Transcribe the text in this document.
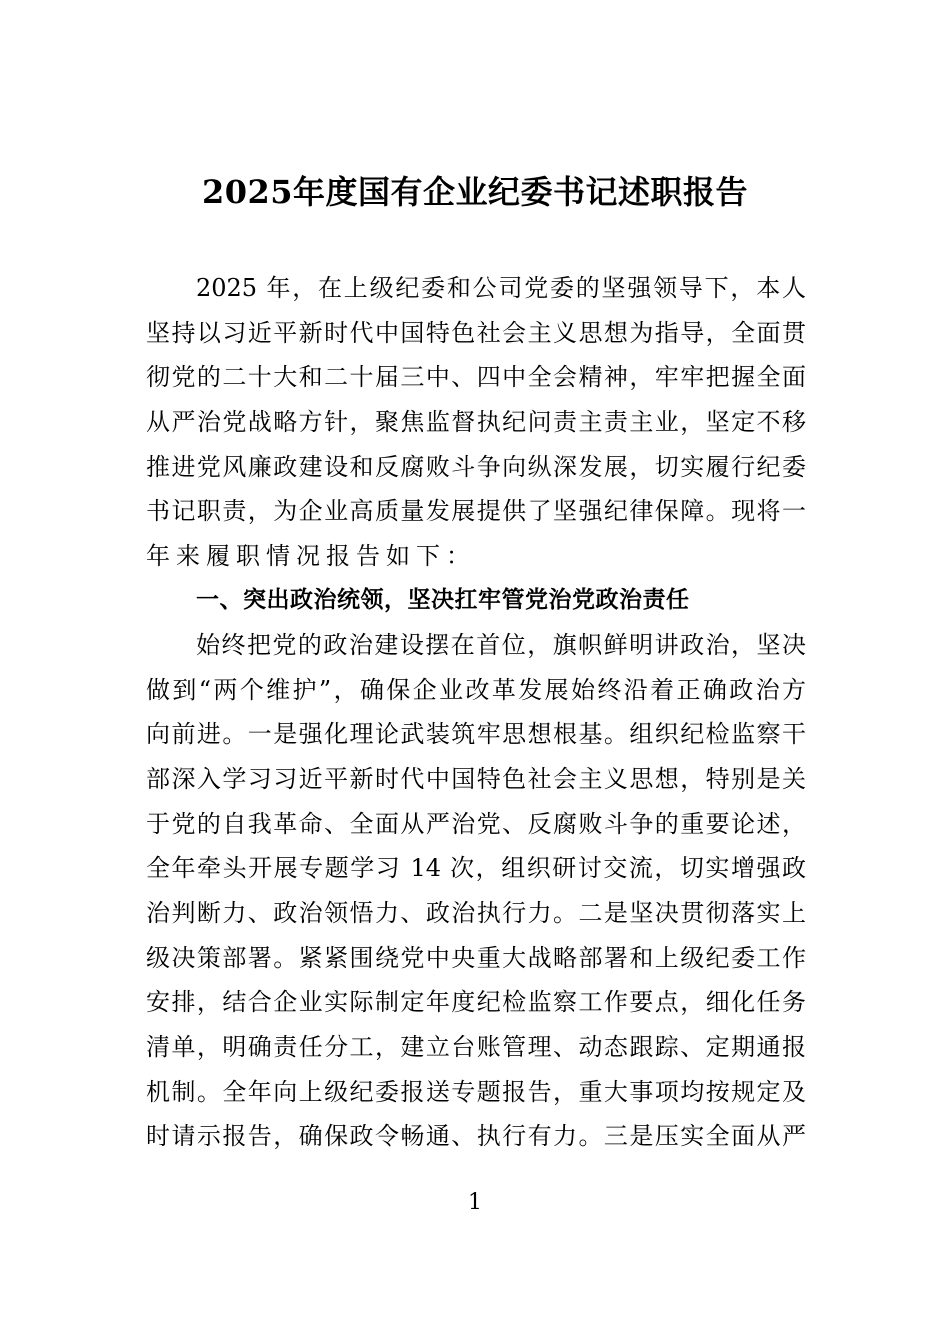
2025年度国有企业纪委书记述职报告
2025 年，在上级纪委和公司党委的坚强领导下，本人
坚持以习近平新时代中国特色社会主义思想为指导，全面贯
彻党的二十大和二十届三中、四中全会精神，牢牢把握全面
从严治党战略方针，聚焦监督执纪问责主责主业，坚定不移
推进党风廉政建设和反腐败斗争向纵深发展，切实履行纪委
书记职责，为企业高质量发展提供了坚强纪律保障。现将一
年来履职情况报告如下：
一、突出政治统领，坚决扛牢管党治党政治责任
始终把党的政治建设摆在首位，旗帜鲜明讲政治，坚决
做到“两个维护”，确保企业改革发展始终沿着正确政治方
向前进。一是强化理论武装筑牢思想根基。组织纪检监察干
部深入学习习近平新时代中国特色社会主义思想，特别是关
于党的自我革命、全面从严治党、反腐败斗争的重要论述，
全年牵头开展专题学习 14 次，组织研讨交流，切实增强政
治判断力、政治领悟力、政治执行力。二是坚决贯彻落实上
级决策部署。紧紧围绕党中央重大战略部署和上级纪委工作
安排，结合企业实际制定年度纪检监察工作要点，细化任务
清单，明确责任分工，建立台账管理、动态跟踪、定期通报
机制。全年向上级纪委报送专题报告，重大事项均按规定及
时请示报告，确保政令畅通、执行有力。三是压实全面从严
1
